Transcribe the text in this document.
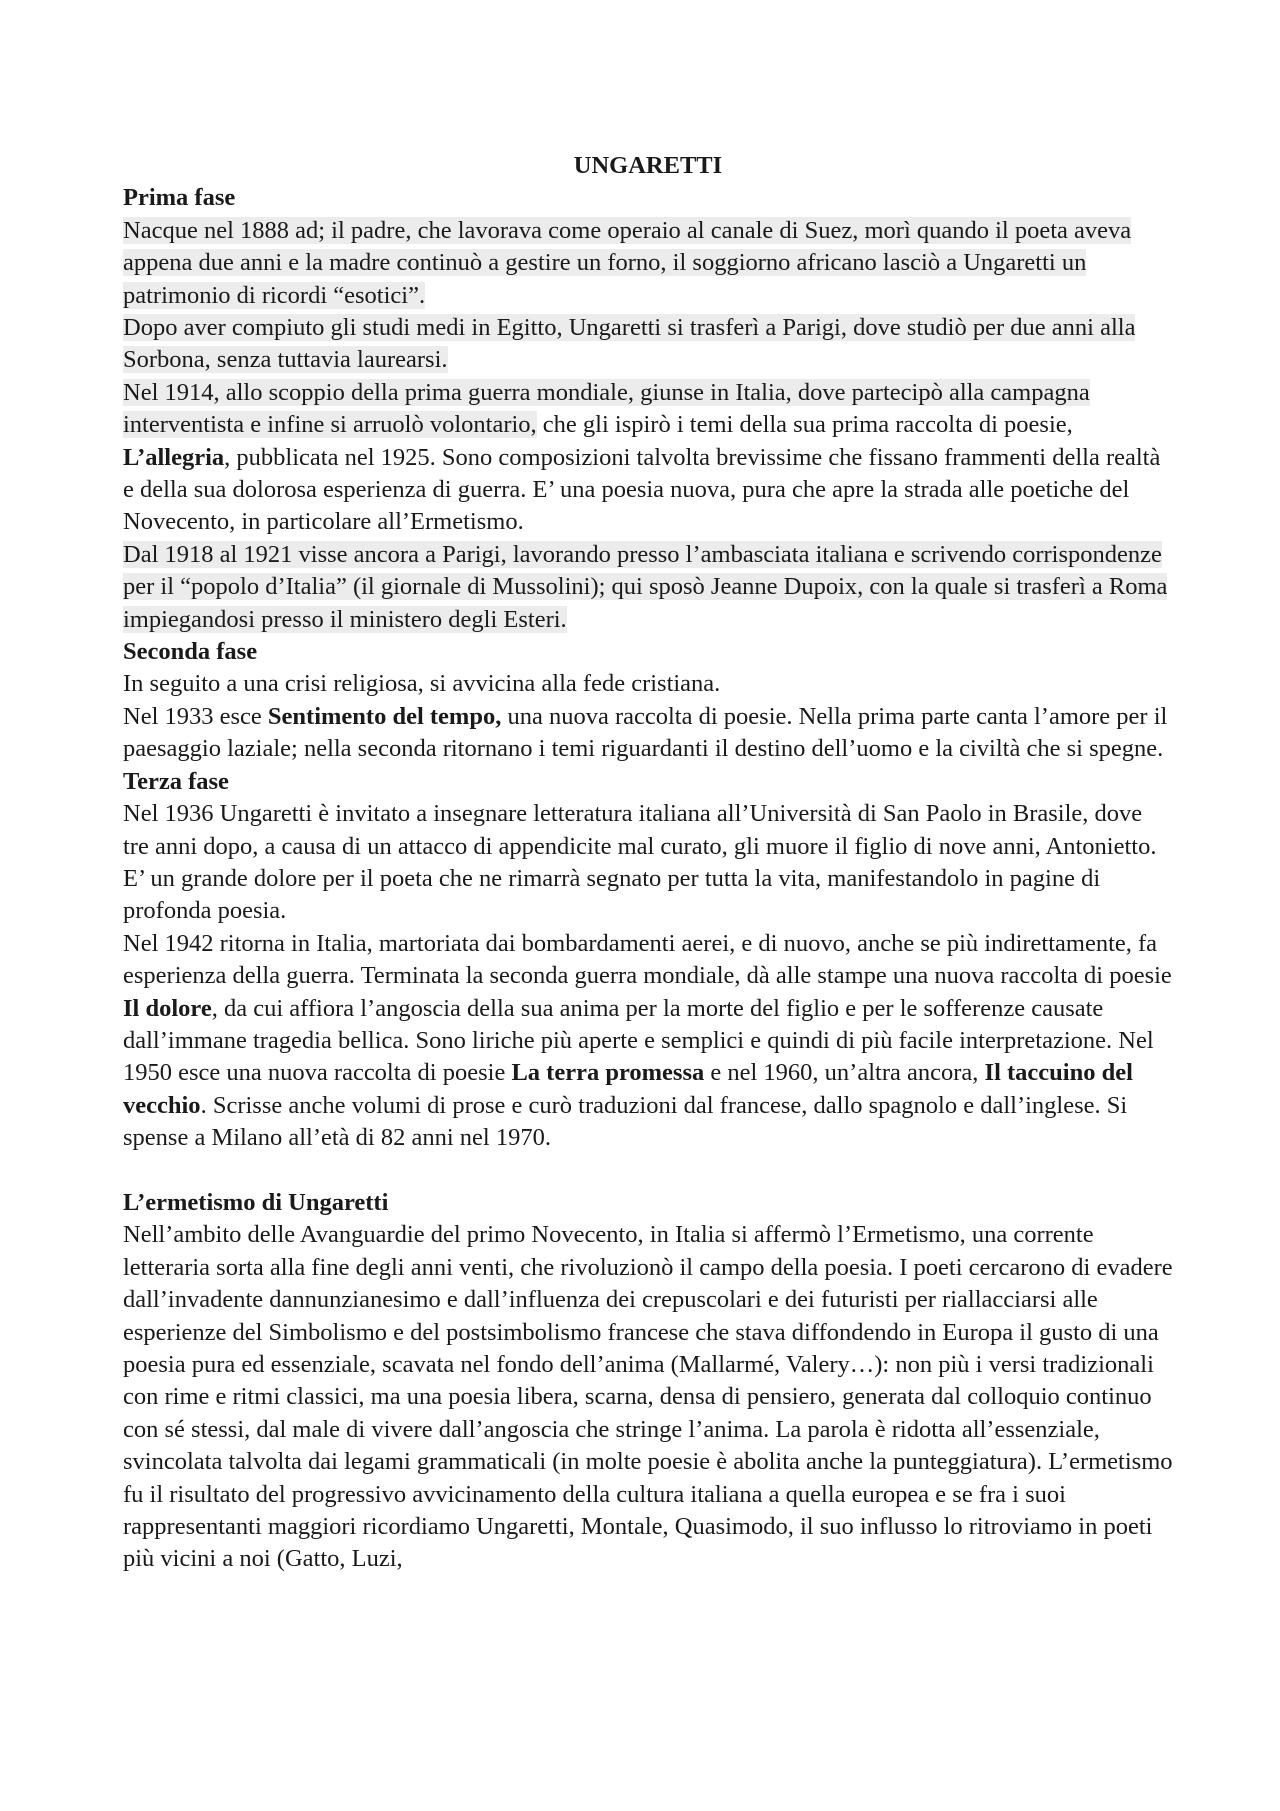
UNGARETTI

Prima fase

Nacque nel 1888 ad; il padre, che lavorava come operaio al canale di Suez, morì quando il poeta aveva appena due anni e la madre continuò a gestire un forno, il soggiorno africano lasciò a Ungaretti un patrimonio di ricordi “esotici”.

Dopo aver compiuto gli studi medi in Egitto, Ungaretti si trasferì a Parigi, dove studiò per due anni alla Sorbona, senza tuttavia laurearsi.

Nel 1914, allo scoppio della prima guerra mondiale, giunse in Italia, dove partecipò alla campagna interventista e infine si arruolò volontario, che gli ispirò i temi della sua prima raccolta di poesie, L’allegria, pubblicata nel 1925. Sono composizioni talvolta brevissime che fissano frammenti della realtà e della sua dolorosa esperienza di guerra. E’ una poesia nuova, pura che apre la strada alle poetiche del Novecento, in particolare all’Ermetismo.

Dal 1918 al 1921 visse ancora a Parigi, lavorando presso l’ambasciata italiana e scrivendo corrispondenze per il “popolo d’Italia” (il giornale di Mussolini); qui sposò Jeanne Dupoix, con la quale si trasferì a Roma impiegandosi presso il ministero degli Esteri.

Seconda fase

In seguito a una crisi religiosa, si avvicina alla fede cristiana.

Nel 1933 esce Sentimento del tempo, una nuova raccolta di poesie. Nella prima parte canta l’amore per il paesaggio laziale; nella seconda ritornano i temi riguardanti il destino dell’uomo e la civiltà che si spegne.

Terza fase

Nel 1936 Ungaretti è invitato a insegnare letteratura italiana all’Università di San Paolo in Brasile, dove tre anni dopo, a causa di un attacco di appendicite mal curato, gli muore il figlio di nove anni, Antonietto. E’ un grande dolore per il poeta che ne rimarrà segnato per tutta la vita, manifestandolo in pagine di profonda poesia.

Nel 1942 ritorna in Italia, martoriata dai bombardamenti aerei, e di nuovo, anche se più indirettamente, fa esperienza della guerra. Terminata la seconda guerra mondiale, dà alle stampe una nuova raccolta di poesie Il dolore, da cui affiora l’angoscia della sua anima per la morte del figlio e per le sofferenze causate dall’immane tragedia bellica. Sono liriche più aperte e semplici e quindi di più facile interpretazione. Nel 1950 esce una nuova raccolta di poesie La terra promessa e nel 1960, un’altra ancora, Il taccuino del vecchio. Scrisse anche volumi di prose e curò traduzioni dal francese, dallo spagnolo e dall’inglese. Si spense a Milano all’età di 82 anni nel 1970.

L’ermetismo di Ungaretti

Nell’ambito delle Avanguardie del primo Novecento, in Italia si affermò l’Ermetismo, una corrente letteraria sorta alla fine degli anni venti, che rivoluzionò il campo della poesia. I poeti cercarono di evadere dall’invadente dannunzianesimo e dall’influenza dei crepuscolari e dei futuristi per riallacciarsi alle esperienze del Simbolismo e del postsimbolismo francese che stava diffondendo in Europa il gusto di una poesia pura ed essenziale, scavata nel fondo dell’anima (Mallarmé, Valery…): non più i versi tradizionali con rime e ritmi classici, ma una poesia libera, scarna, densa di pensiero, generata dal colloquio continuo con sé stessi, dal male di vivere dall’angoscia che stringe l’anima. La parola è ridotta all’essenziale, svincolata talvolta dai legami grammaticali (in molte poesie è abolita anche la punteggiatura). L’ermetismo fu il risultato del progressivo avvicinamento della cultura italiana a quella europea e se fra i suoi rappresentanti maggiori ricordiamo Ungaretti, Montale, Quasimodo, il suo influsso lo ritroviamo in poeti più vicini a noi (Gatto, Luzi,
